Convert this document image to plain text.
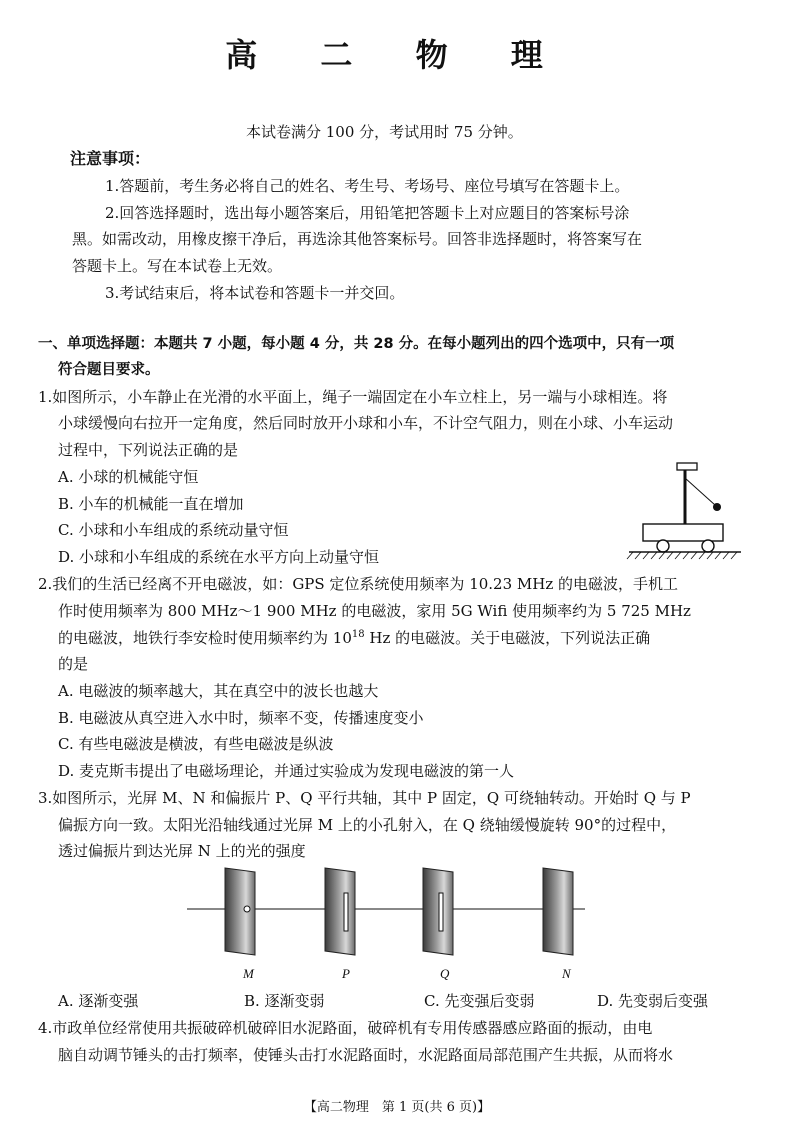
高 二 物 理
本试卷满分 100 分，考试用时 75 分钟。
注意事项：
1.答题前，考生务必将自己的姓名、考生号、考场号、座位号填写在答题卡上。
2.回答选择题时，选出每小题答案后，用铅笔把答题卡上对应题目的答案标号涂
黑。如需改动，用橡皮擦干净后，再选涂其他答案标号。回答非选择题时，将答案写在
答题卡上。写在本试卷上无效。
3.考试结束后，将本试卷和答题卡一并交回。
一、单项选择题：本题共 7 小题，每小题 4 分，共 28 分。在每小题列出的四个选项中，只有一项
符合题目要求。
1.如图所示，小车静止在光滑的水平面上，绳子一端固定在小车立柱上，另一端与小球相连。将
小球缓慢向右拉开一定角度，然后同时放开小球和小车，不计空气阻力，则在小球、小车运动
过程中，下列说法正确的是
A. 小球的机械能守恒
B. 小车的机械能一直在增加
C. 小球和小车组成的系统动量守恒
D. 小球和小车组成的系统在水平方向上动量守恒
2.我们的生活已经离不开电磁波，如：GPS 定位系统使用频率为 10.23 MHz 的电磁波，手机工
作时使用频率为 800 MHz～1 900 MHz 的电磁波，家用 5G Wifi 使用频率约为 5 725 MHz
的电磁波，地铁行李安检时使用频率约为 $10^{18}$ Hz 的电磁波。关于电磁波，下列说法正确
的是
A. 电磁波的频率越大，其在真空中的波长也越大
B. 电磁波从真空进入水中时，频率不变，传播速度变小
C. 有些电磁波是横波，有些电磁波是纵波
D. 麦克斯韦提出了电磁场理论，并通过实验成为发现电磁波的第一人
3.如图所示，光屏 M、N 和偏振片 P、Q 平行共轴，其中 P 固定，Q 可绕轴转动。开始时 Q 与 P
偏振方向一致。太阳光沿轴线通过光屏 M 上的小孔射入，在 Q 绕轴缓慢旋转 90°的过程中，
透过偏振片到达光屏 N 上的光的强度
M	P	Q	N
A. 逐渐变强	B. 逐渐变弱	C. 先变强后变弱	D. 先变弱后变强
4.市政单位经常使用共振破碎机破碎旧水泥路面，破碎机有专用传感器感应路面的振动，由电
脑自动调节锤头的击打频率，使锤头击打水泥路面时，水泥路面局部范围产生共振，从而将水
【高二物理　第 1 页(共 6 页)】
